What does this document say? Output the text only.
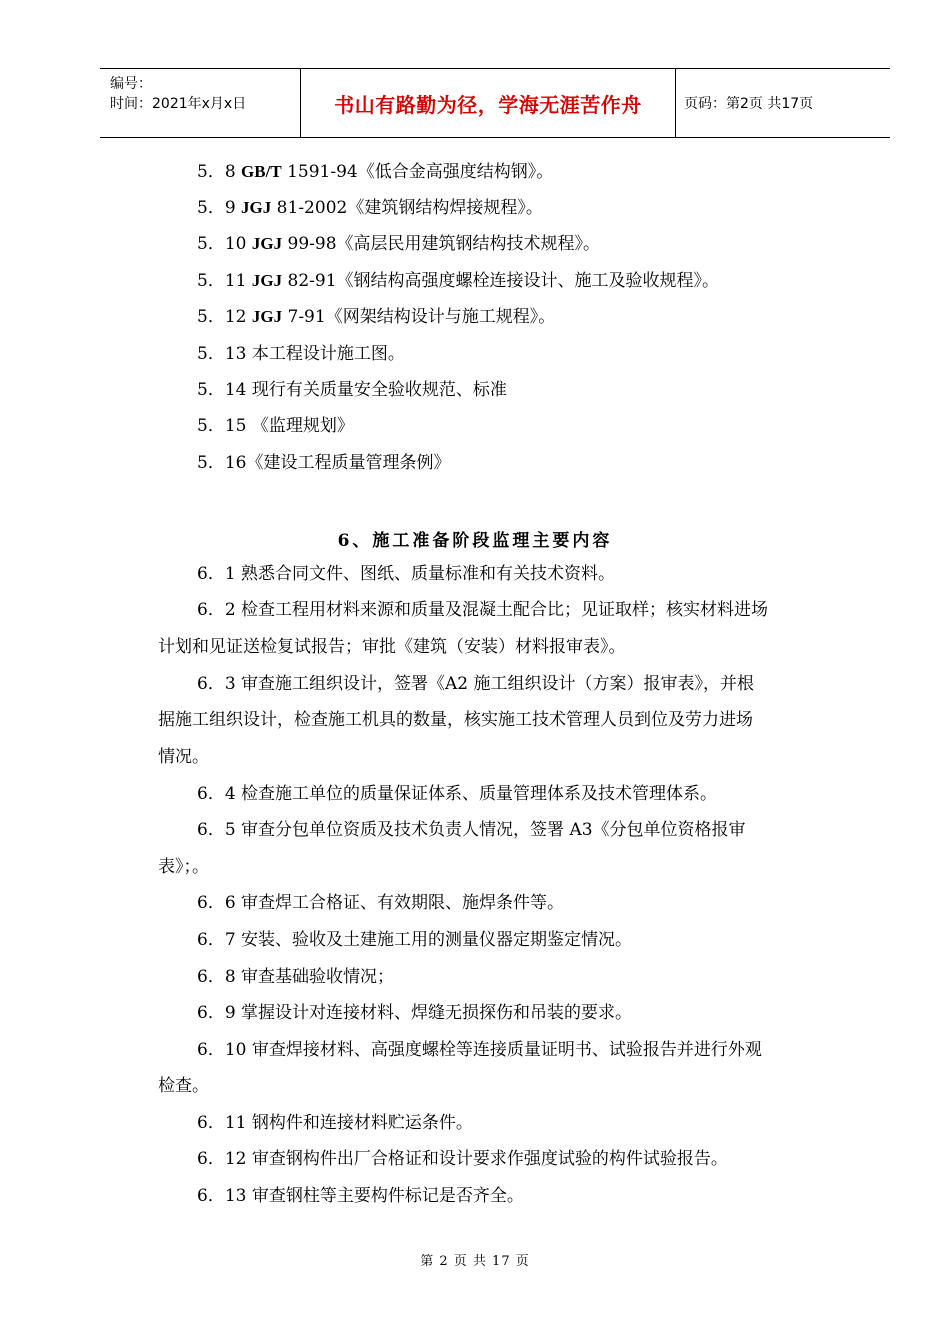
编号：
时间：2021年x月x日	书山有路勤为径，学海无涯苦作舟	页码：第2页 共17页
5．8 GB/T 1591-94《低合金高强度结构钢》。
5．9 JGJ 81-2002《建筑钢结构焊接规程》。
5．10 JGJ 99-98《高层民用建筑钢结构技术规程》。
5．11 JGJ 82-91《钢结构高强度螺栓连接设计、施工及验收规程》。
5．12 JGJ 7-91《网架结构设计与施工规程》。
5．13 本工程设计施工图。
5．14 现行有关质量安全验收规范、标准
5．15 《监理规划》
5．16《建设工程质量管理条例》
6、施工准备阶段监理主要内容
6．1 熟悉合同文件、图纸、质量标准和有关技术资料。
6．2 检查工程用材料来源和质量及混凝土配合比；见证取样；核实材料进场
计划和见证送检复试报告；审批《建筑（安装）材料报审表》。
6．3 审查施工组织设计，签署《A2 施工组织设计（方案）报审表》，并根
据施工组织设计，检查施工机具的数量，核实施工技术管理人员到位及劳力进场
情况。
6．4 检查施工单位的质量保证体系、质量管理体系及技术管理体系。
6．5 审查分包单位资质及技术负责人情况，签署 A3《分包单位资格报审
表》；。
6．6 审查焊工合格证、有效期限、施焊条件等。
6．7 安装、验收及土建施工用的测量仪器定期鉴定情况。
6．8 审查基础验收情况；
6．9 掌握设计对连接材料、焊缝无损探伤和吊装的要求。
6．10 审查焊接材料、高强度螺栓等连接质量证明书、试验报告并进行外观
检查。
6．11 钢构件和连接材料贮运条件。
6．12 审查钢构件出厂合格证和设计要求作强度试验的构件试验报告。
6．13 审查钢柱等主要构件标记是否齐全。
第 2 页 共 17 页
